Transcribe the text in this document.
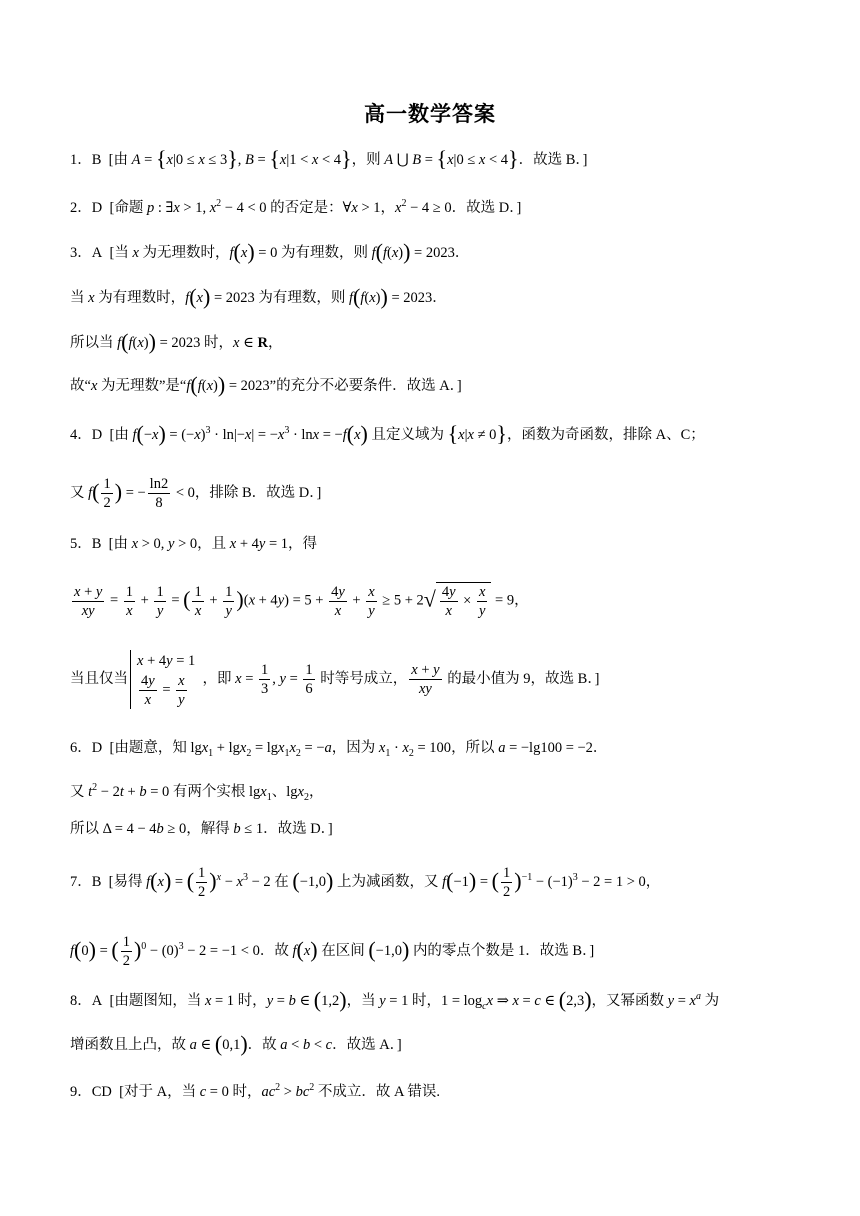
高一数学答案
1．B [由 A = {x|0 ≤ x ≤ 3}, B = {x|1 < x < 4}，则 A ⋃ B = {x|0 ≤ x < 4}．故选 B．]
2．D [命题 p : ∃x > 1, $x^2 - 4 < 0$ 的否定是：∀x > 1，$x^2 - 4 \ge 0$．故选 D．]
3．A [当 x 为无理数时，f(x) = 0 为有理数，则 f(f(x)) = 2023．
当 x 为有理数时，f(x) = 2023 为有理数，则 f(f(x)) = 2023．
所以当 f(f(x)) = 2023 时，x ∈ R，
故“x 为无理数”是“f(f(x)) = 2023”的充分不必要条件．故选 A．]
4．D [由 $f(-x) = (-x)^3 \cdot \ln|-x| = -x^3 \cdot \ln x = -f(x)$ 且定义域为 {x|x ≠ 0}，函数为奇函数，排除 A、C；
又 $f( \frac{1}{2}$ ) = − $\frac{\ln 2}{8} < 0$，排除 B．故选 D．]
5．B [由 x > 0, y > 0，且 x + 4y = 1，得
$\frac{x + y}{xy} = \frac{1}{x} + \frac{1}{y}$ = ( $\frac{1}{x} + \frac{1}{y} )(x + 4y) = 5 + \frac{4y}{x} + \frac{x}{y} \ge 5 + 2√ \frac{4y}{x} \times \frac{x}{y} = 9$，
当且仅当
x + 4y = 1
$\frac{4y}{x} = \frac{x}{y}$ ，即 $x = \frac{1}{3}$ , $y = \frac{1}{6}$ 时等号成立， $\frac{x + y}{xy}$ 的最小值为 9，故选 B．]
6．D [由题意，知 $\lg x_1 + \lg x_2 = \lg x_1x_2 = -a$，因为 $x_1 \cdot x_2 = 100$，所以 a = −lg100 = −2．
又 $t^2 - 2t + b = 0$ 有两个实根 lgx$_1$、lgx$_2$，
所以 Δ = 4 − 4b ≥ 0，解得 b ≤ 1．故选 D．]
7．B [易得 f(x) = ( $\frac{1}{2} )^x - x^3 - 2$ 在 (−1,0) 上为减函数，又 f(−1) = ( $\frac{1}{2} )^{-1} - (-1)^3 - 2 = 1 > 0$，
f(0) = ( $\frac{1}{2} )^0 - (0)^3 - 2 = -1 < 0$．故 f(x) 在区间 (−1,0) 内的零点个数是 1．故选 B．]
8．A [由题图知，当 x = 1 时，y = b ∈ (1,2)，当 y = 1 时，$1 = \log_cx$ ⇒ x = c ∈ (2,3)，又幂函数 $y = x^a$ 为
增函数且上凸，故 a ∈ (0,1)．故 a < b < c．故选 A．]
9．CD [对于 A，当 c = 0 时，$ac^2 > bc^2$ 不成立．故 A 错误.
